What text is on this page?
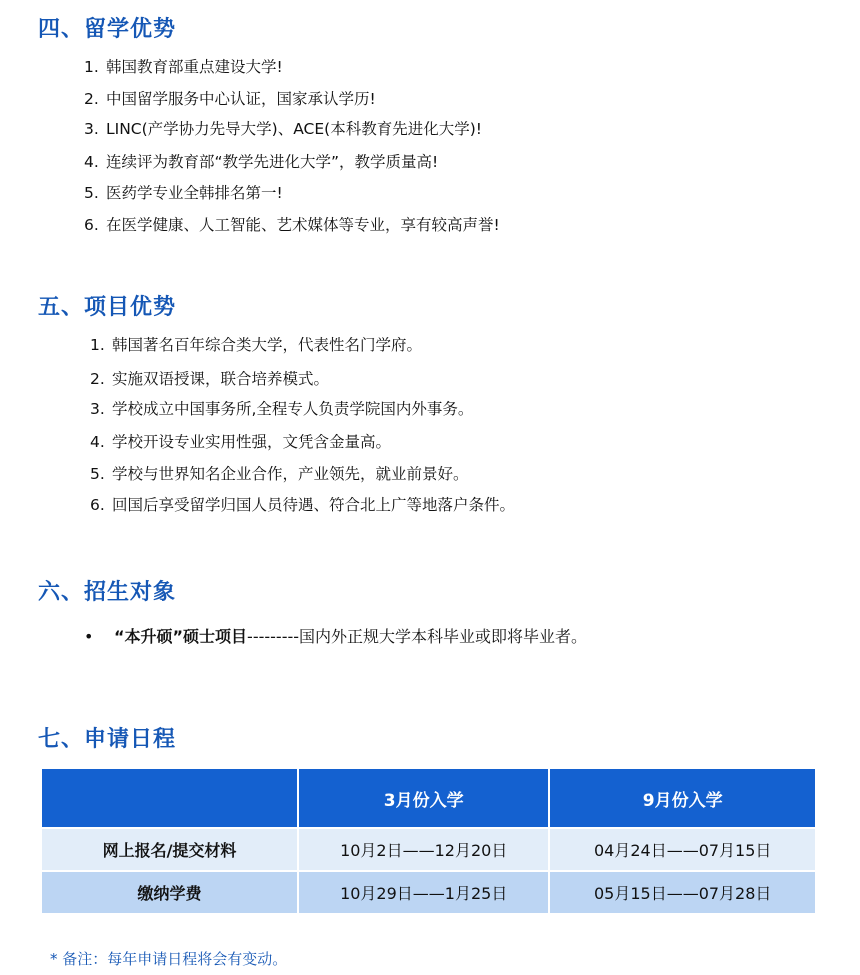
四、留学优势
1. 韩国教育部重点建设大学!
2. 中国留学服务中心认证，国家承认学历!
3. LINC(产学协力先导大学)、ACE(本科教育先进化大学)!
4. 连续评为教育部“教学先进化大学”，教学质量高!
5. 医药学专业全韩排名第一!
6. 在医学健康、人工智能、艺术媒体等专业，享有较高声誉!
五、项目优势
1. 韩国著名百年综合类大学，代表性名门学府。
2. 实施双语授课，联合培养模式。
3. 学校成立中国事务所,全程专人负责学院国内外事务。
4. 学校开设专业实用性强，文凭含金量高。
5. 学校与世界知名企业合作，产业领先，就业前景好。
6. 回国后享受留学归国人员待遇、符合北上广等地落户条件。
六、招生对象
• “本升硕”硕士项目---------国内外正规大学本科毕业或即将毕业者。
七、申请日程
	3月份入学	9月份入学
网上报名/提交材料	10月2日——12月20日	04月24日——07月15日
缴纳学费	10月29日——1月25日	05月15日——07月28日
* 备注：每年申请日程将会有变动。
